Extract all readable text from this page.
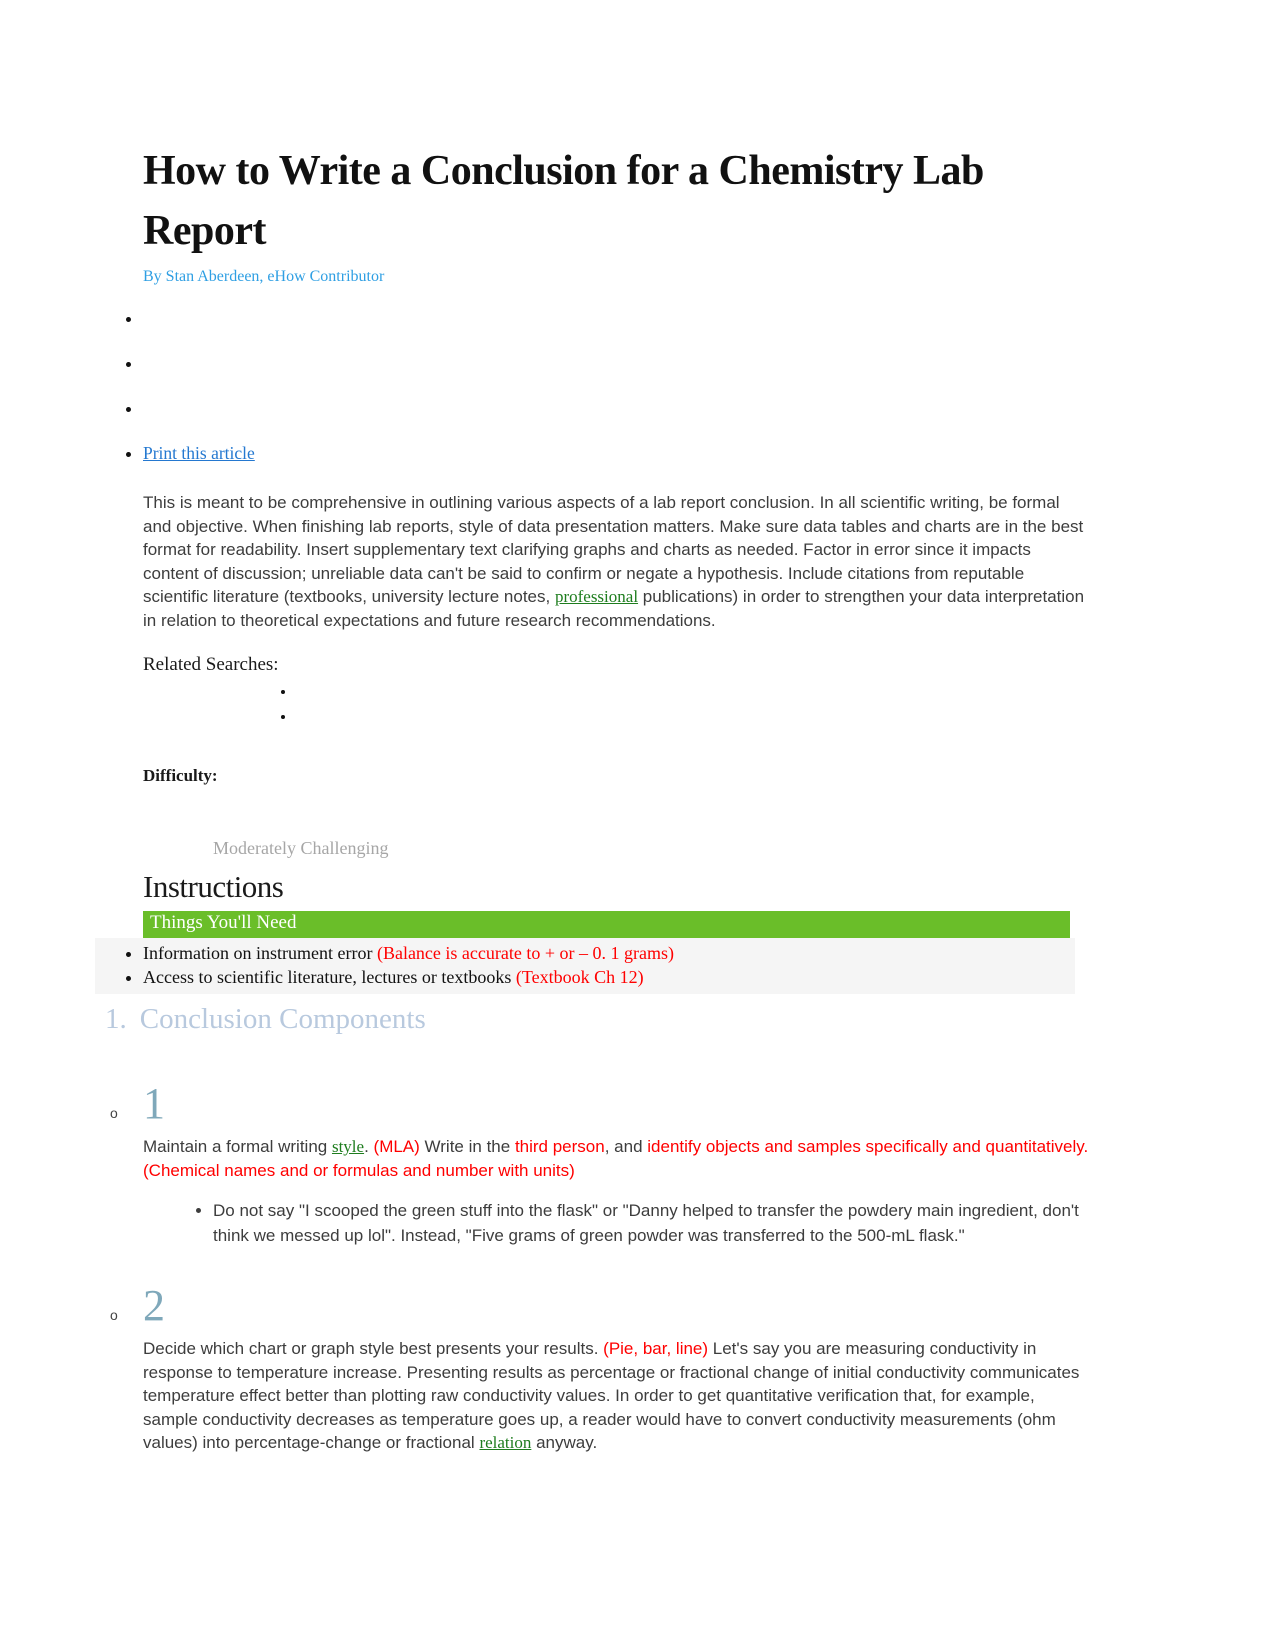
How to Write a Conclusion for a Chemistry Lab Report
By Stan Aberdeen, eHow Contributor
•
•
•
• Print this article

This is meant to be comprehensive in outlining various aspects of a lab report conclusion. In all scientific writing, be formal and objective. When finishing lab reports, style of data presentation matters. Make sure data tables and charts are in the best format for readability. Insert supplementary text clarifying graphs and charts as needed. Factor in error since it impacts content of discussion; unreliable data can't be said to confirm or negate a hypothesis. Include citations from reputable scientific literature (textbooks, university lecture notes, professional publications) in order to strengthen your data interpretation in relation to theoretical expectations and future research recommendations.

Related Searches:
•
•
Difficulty:
Moderately Challenging
Instructions
Things You'll Need
• Information on instrument error (Balance is accurate to + or – 0. 1 grams)
• Access to scientific literature, lectures or textbooks (Textbook Ch 12)
1. Conclusion Components
o 1

Maintain a formal writing style. (MLA) Write in the third person, and identify objects and samples specifically and quantitatively. (Chemical names and or formulas and number with units)

• Do not say "I scooped the green stuff into the flask" or "Danny helped to transfer the powdery main ingredient, don't think we messed up lol". Instead, "Five grams of green powder was transferred to the 500-mL flask."
o 2

Decide which chart or graph style best presents your results. (Pie, bar, line) Let's say you are measuring conductivity in response to temperature increase. Presenting results as percentage or fractional change of initial conductivity communicates temperature effect better than plotting raw conductivity values. In order to get quantitative verification that, for example, sample conductivity decreases as temperature goes up, a reader would have to convert conductivity measurements (ohm values) into percentage-change or fractional relation anyway.
